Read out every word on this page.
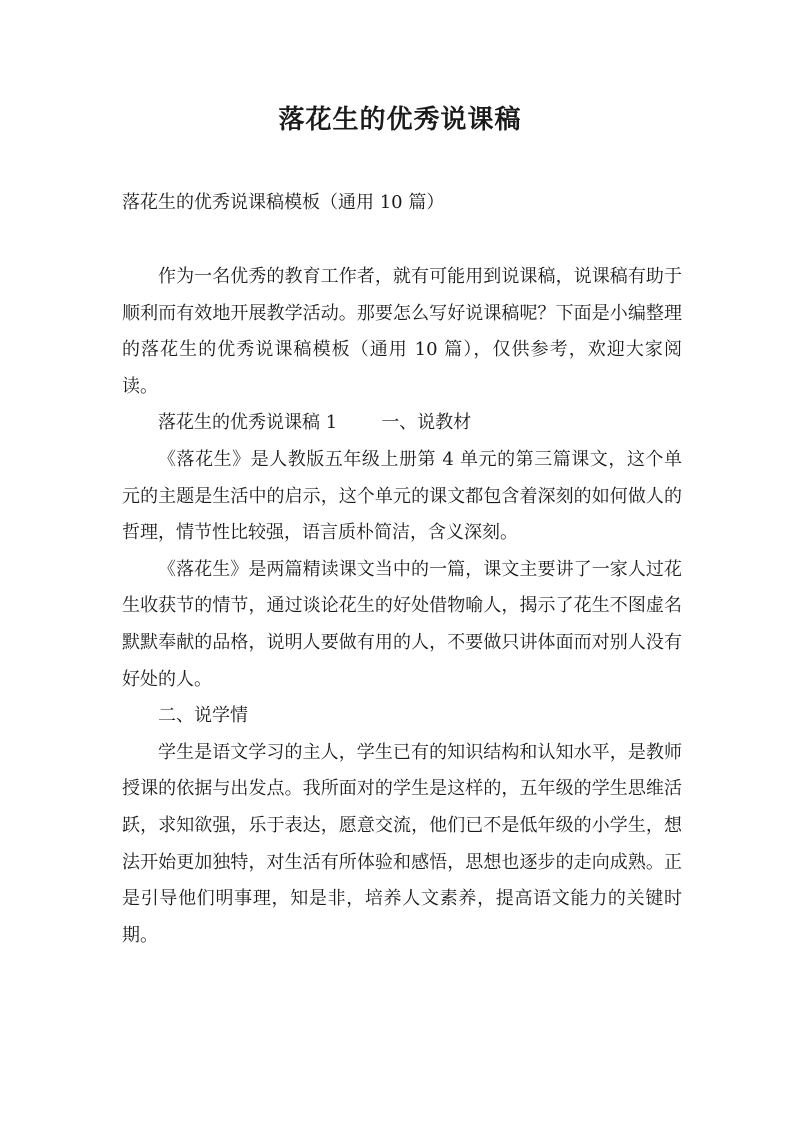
落花生的优秀说课稿
落花生的优秀说课稿模板（通用 10 篇）

作为一名优秀的教育工作者，就有可能用到说课稿，说课稿有助于顺利而有效地开展教学活动。那要怎么写好说课稿呢？下面是小编整理的落花生的优秀说课稿模板（通用 10 篇），仅供参考，欢迎大家阅读。

落花生的优秀说课稿 1 一、说教材

《落花生》是人教版五年级上册第 4 单元的第三篇课文，这个单元的主题是生活中的启示，这个单元的课文都包含着深刻的如何做人的哲理，情节性比较强，语言质朴简洁，含义深刻。

《落花生》是两篇精读课文当中的一篇，课文主要讲了一家人过花生收获节的情节，通过谈论花生的好处借物喻人，揭示了花生不图虚名默默奉献的品格，说明人要做有用的人，不要做只讲体面而对别人没有好处的人。

二、说学情

学生是语文学习的主人，学生已有的知识结构和认知水平，是教师授课的依据与出发点。我所面对的学生是这样的，五年级的学生思维活跃，求知欲强，乐于表达，愿意交流，他们已不是低年级的小学生，想法开始更加独特，对生活有所体验和感悟，思想也逐步的走向成熟。正是引导他们明事理，知是非，培养人文素养，提高语文能力的关键时期。
